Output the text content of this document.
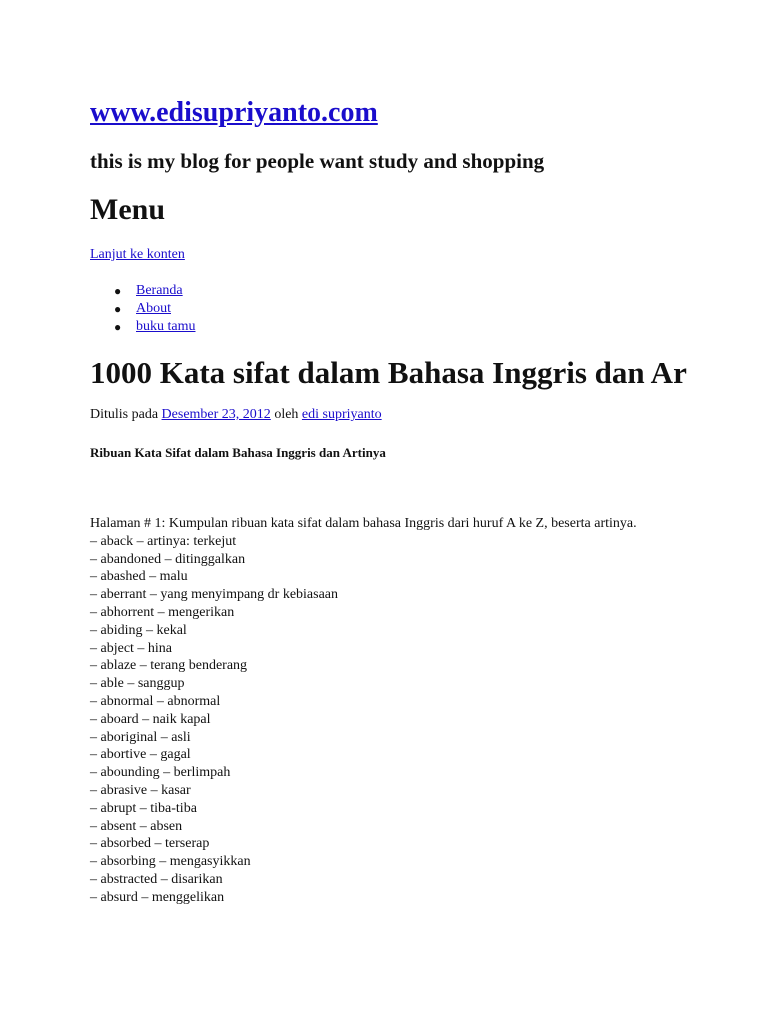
www.edisupriyanto.com
this is my blog for people want study and shopping
Menu
Lanjut ke konten
● Beranda
● About
● buku tamu
1000 Kata sifat dalam Bahasa Inggris dan Ar
Ditulis pada Desember 23, 2012 oleh edi supriyanto
Ribuan Kata Sifat dalam Bahasa Inggris dan Artinya

Halaman # 1: Kumpulan ribuan kata sifat dalam bahasa Inggris dari huruf A ke Z, beserta artinya.

– aback – artinya: terkejut

– abandoned – ditinggalkan

– abashed – malu

– aberrant – yang menyimpang dr kebiasaan

– abhorrent – mengerikan

– abiding – kekal

– abject – hina

– ablaze – terang benderang

– able – sanggup

– abnormal – abnormal

– aboard – naik kapal

– aboriginal – asli

– abortive – gagal

– abounding – berlimpah

– abrasive – kasar

– abrupt – tiba-tiba

– absent – absen

– absorbed – terserap

– absorbing – mengasyikkan

– abstracted – disarikan

– absurd – menggelikan
